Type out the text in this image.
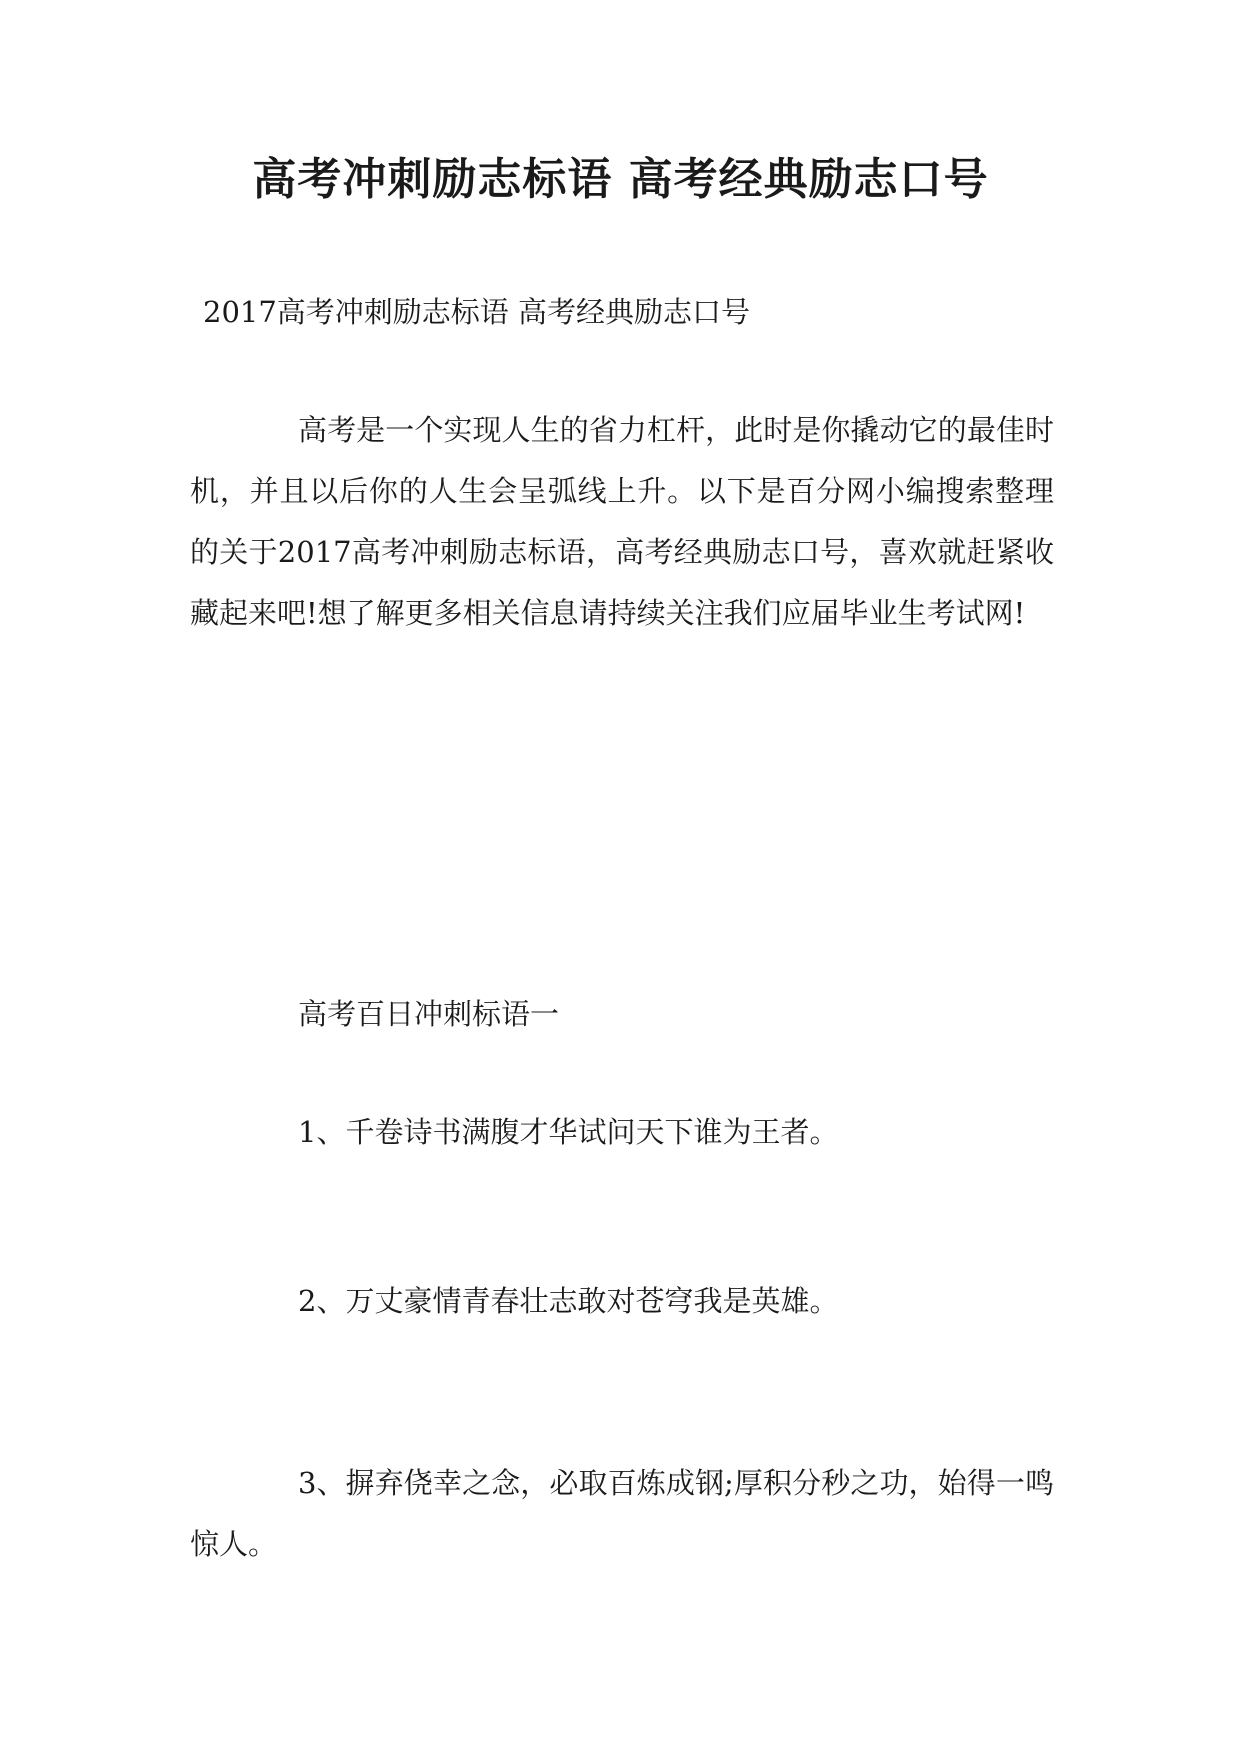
高考冲刺励志标语 高考经典励志口号

2017高考冲刺励志标语 高考经典励志口号

高考是一个实现人生的省力杠杆，此时是你撬动它的最佳时机，并且以后你的人生会呈弧线上升。以下是百分网小编搜索整理的关于2017高考冲刺励志标语，高考经典励志口号，喜欢就赶紧收藏起来吧!想了解更多相关信息请持续关注我们应届毕业生考试网!

高考百日冲刺标语一

1、千卷诗书满腹才华试问天下谁为王者。

2、万丈豪情青春壮志敢对苍穹我是英雄。

3、摒弃侥幸之念，必取百炼成钢;厚积分秒之功，始得一鸣惊人。
